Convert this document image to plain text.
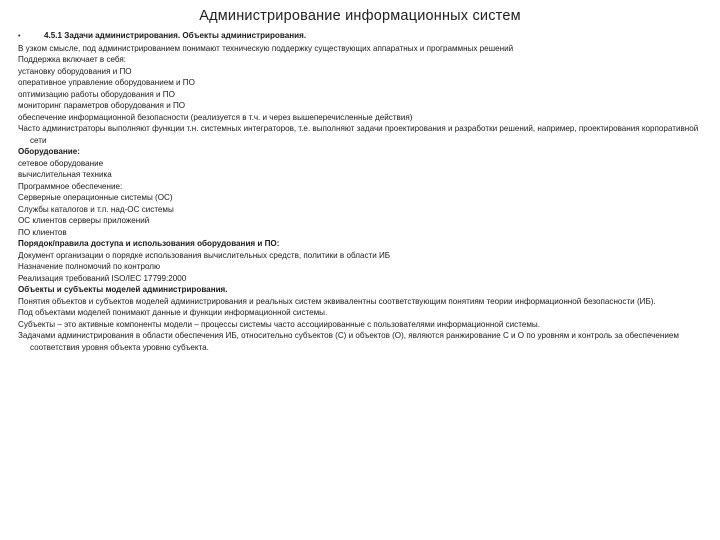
Администрирование информационных систем
•	4.5.1 Задачи администрирования. Объекты администрирования.
В узком смысле, под администрированием понимают техническую поддержку существующих аппаратных и программных решений
Поддержка включает в себя:
установку оборудования и ПО
оперативное управление оборудованием и ПО
оптимизацию работы оборудования и ПО
мониторинг параметров оборудования и ПО
обеспечение информационной безопасности (реализуется в т.ч. и через вышеперечисленные действия)
Часто администраторы выполняют функции т.н. системных интеграторов, т.е. выполняют задачи проектирования и разработки решений, например, проектирования корпоративной сети
Оборудование:
сетевое оборудование
вычислительная техника
Программное обеспечение:
Серверные операционные системы (ОС)
Службы каталогов и т.п. над-ОС системы
ОС клиентов серверы приложений
ПО клиентов
Порядок/правила доступа и использования оборудования и ПО:
Документ организации о порядке использования вычислительных средств, политики в области ИБ
Назначение полномочий по контролю
Реализация требований ISO/IEC 17799:2000
Объекты и субъекты моделей администрирования.
Понятия объектов и субъектов моделей администрирования и реальных систем эквивалентны соответствующим понятиям теории информационной безопасности (ИБ).
Под объектами моделей понимают данные и функции информационной системы.
Субъекты – это активные компоненты модели – процессы системы часто ассоциированные с пользователями информационной системы.
Задачами администрирования в области обеспечения ИБ, относительно субъектов (С) и объектов (О), являются ранжирование С и О по уровням и контроль за обеспечением соответствия уровня объекта уровню субъекта.
